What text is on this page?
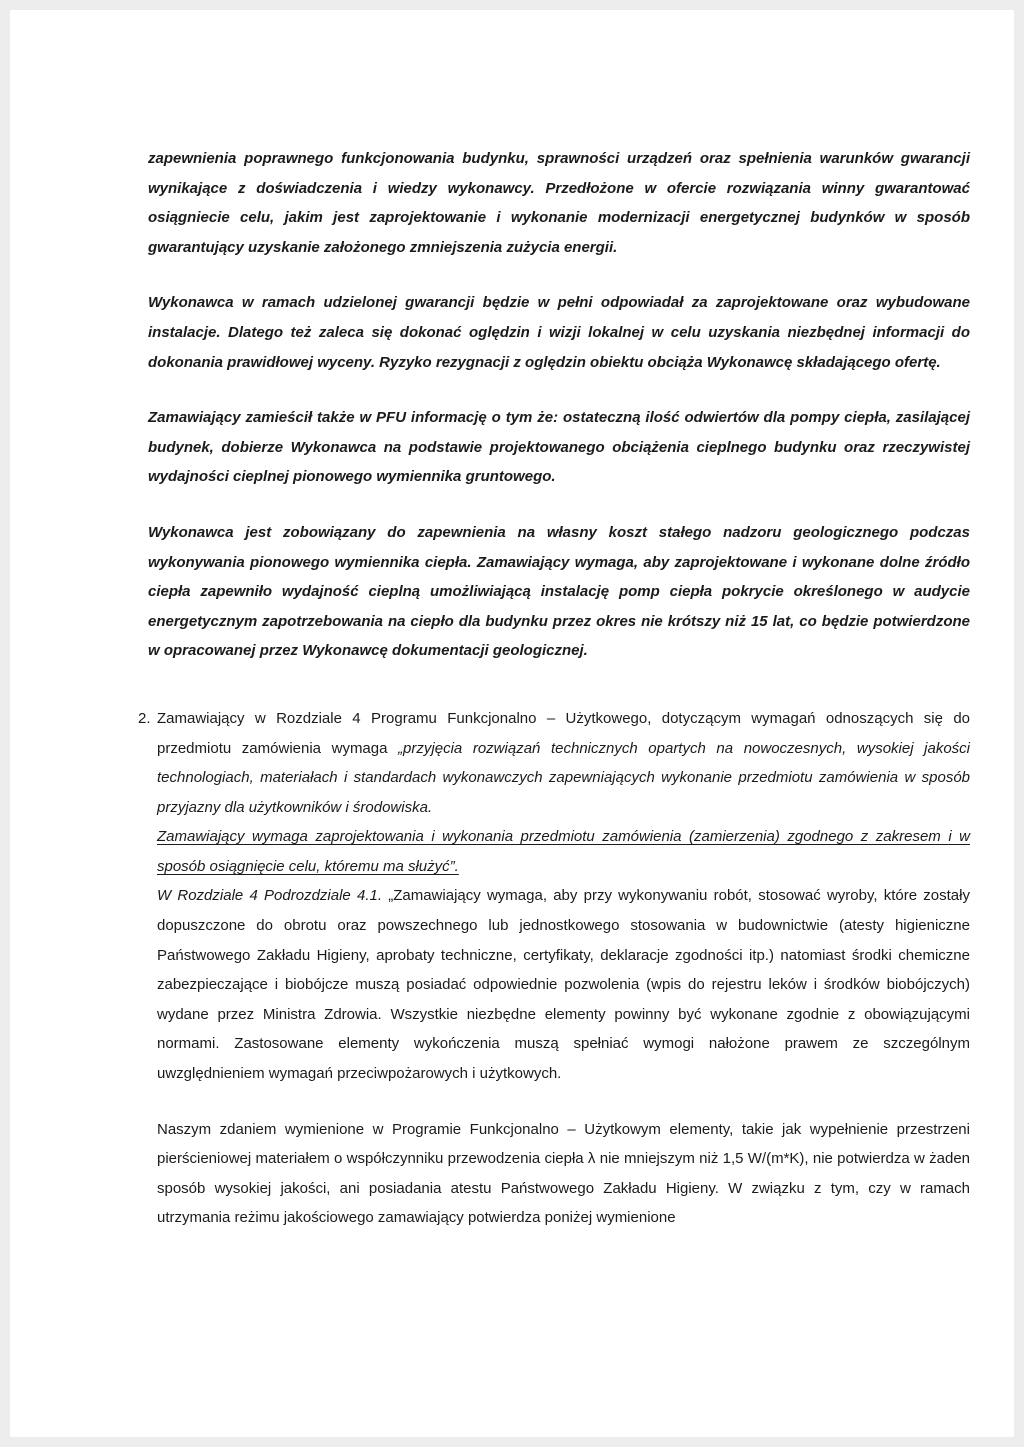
zapewnienia poprawnego funkcjonowania budynku, sprawności urządzeń oraz spełnienia warunków gwarancji wynikające z doświadczenia i wiedzy wykonawcy. Przedłożone w ofercie rozwiązania winny gwarantować osiągniecie celu, jakim jest zaprojektowanie i wykonanie modernizacji energetycznej budynków w sposób gwarantujący uzyskanie założonego zmniejszenia zużycia energii.

Wykonawca w ramach udzielonej gwarancji będzie w pełni odpowiadał za zaprojektowane oraz wybudowane instalacje. Dlatego też zaleca się dokonać oględzin i wizji lokalnej w celu uzyskania niezbędnej informacji do dokonania prawidłowej wyceny. Ryzyko rezygnacji z oględzin obiektu obciąża Wykonawcę składającego ofertę.

Zamawiający zamieścił także w PFU informację o tym że: ostateczną ilość odwiertów dla pompy ciepła, zasilającej budynek, dobierze Wykonawca na podstawie projektowanego obciążenia cieplnego budynku oraz rzeczywistej wydajności cieplnej pionowego wymiennika gruntowego.

Wykonawca jest zobowiązany do zapewnienia na własny koszt stałego nadzoru geologicznego podczas wykonywania pionowego wymiennika ciepła. Zamawiający wymaga, aby zaprojektowane i wykonane dolne źródło ciepła zapewniło wydajność cieplną umożliwiającą instalację pomp ciepła pokrycie określonego w audycie energetycznym zapotrzebowania na ciepło dla budynku przez okres nie krótszy niż 15 lat, co będzie potwierdzone w opracowanej przez Wykonawcę dokumentacji geologicznej.

2. Zamawiający w Rozdziale 4 Programu Funkcjonalno – Użytkowego, dotyczącym wymagań odnoszących się do przedmiotu zamówienia wymaga „przyjęcia rozwiązań technicznych opartych na nowoczesnych, wysokiej jakości technologiach, materiałach i standardach wykonawczych zapewniających wykonanie przedmiotu zamówienia w sposób przyjazny dla użytkowników i środowiska.

Zamawiający wymaga zaprojektowania i wykonania przedmiotu zamówienia (zamierzenia) zgodnego z zakresem i w sposób osiągnięcie celu, któremu ma służyć”.

W Rozdziale 4 Podrozdziale 4.1. „Zamawiający wymaga, aby przy wykonywaniu robót, stosować wyroby, które zostały dopuszczone do obrotu oraz powszechnego lub jednostkowego stosowania w budownictwie (atesty higieniczne Państwowego Zakładu Higieny, aprobaty techniczne, certyfikaty, deklaracje zgodności itp.) natomiast środki chemiczne zabezpieczające i biobójcze muszą posiadać odpowiednie pozwolenia (wpis do rejestru leków i środków biobójczych) wydane przez Ministra Zdrowia. Wszystkie niezbędne elementy powinny być wykonane zgodnie z obowiązującymi normami. Zastosowane elementy wykończenia muszą spełniać wymogi nałożone prawem ze szczególnym uwzględnieniem wymagań przeciwpożarowych i użytkowych.

Naszym zdaniem wymienione w Programie Funkcjonalno – Użytkowym elementy, takie jak wypełnienie przestrzeni pierścieniowej materiałem o współczynniku przewodzenia ciepła λ nie mniejszym niż 1,5 W/(m*K), nie potwierdza w żaden sposób wysokiej jakości, ani posiadania atestu Państwowego Zakładu Higieny. W związku z tym, czy w ramach utrzymania reżimu jakościowego zamawiający potwierdza poniżej wymienione
